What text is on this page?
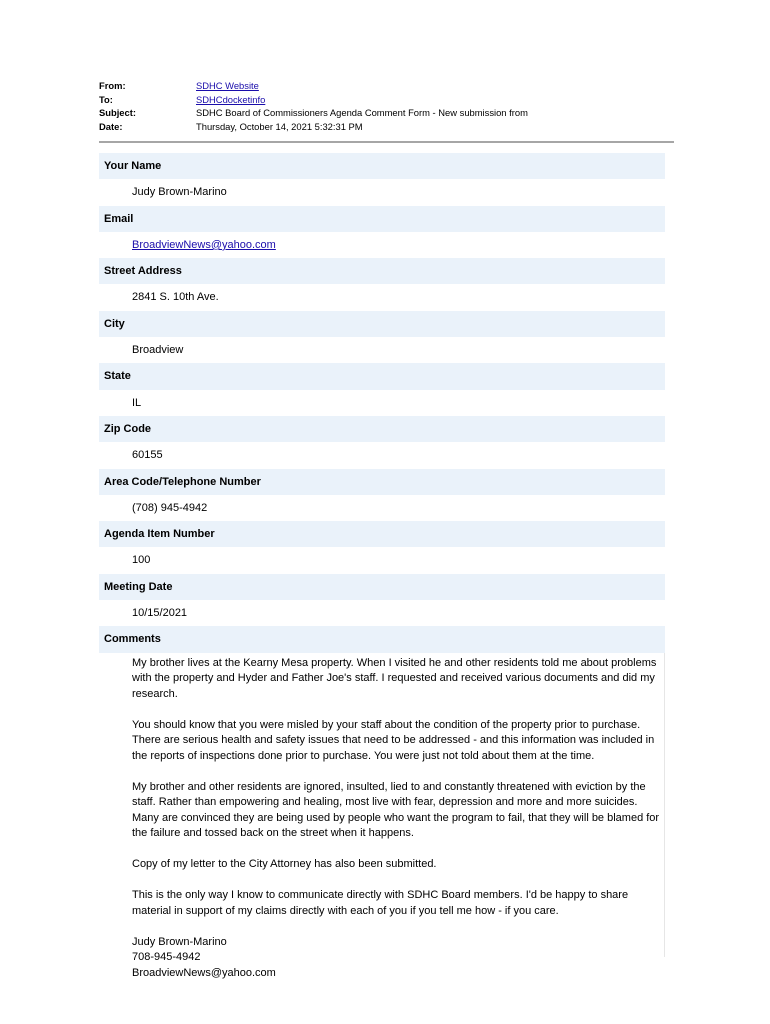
From:	SDHC Website
To:	SDHCdocketinfo
Subject:	SDHC Board of Commissioners Agenda Comment Form - New submission from
Date:	Thursday, October 14, 2021 5:32:31 PM
Your Name
Judy Brown-Marino
Email
BroadviewNews@yahoo.com
Street Address
2841 S. 10th Ave.
City
Broadview
State
IL
Zip Code
60155
Area Code/Telephone Number
(708) 945-4942
Agenda Item Number
100
Meeting Date
10/15/2021
Comments

My brother lives at the Kearny Mesa property. When I visited he and other residents told me about problems with the property and Hyder and Father Joe's staff. I requested and received various documents and did my research.

You should know that you were misled by your staff about the condition of the property prior to purchase. There are serious health and safety issues that need to be addressed - and this information was included in the reports of inspections done prior to purchase. You were just not told about them at the time.

My brother and other residents are ignored, insulted, lied to and constantly threatened with eviction by the staff. Rather than empowering and healing, most live with fear, depression and more and more suicides. Many are convinced they are being used by people who want the program to fail, that they will be blamed for the failure and tossed back on the street when it happens.

Copy of my letter to the City Attorney has also been submitted.

This is the only way I know to communicate directly with SDHC Board members. I'd be happy to share material in support of my claims directly with each of you if you tell me how - if you care.

Judy Brown-Marino
708-945-4942
BroadviewNews@yahoo.com
